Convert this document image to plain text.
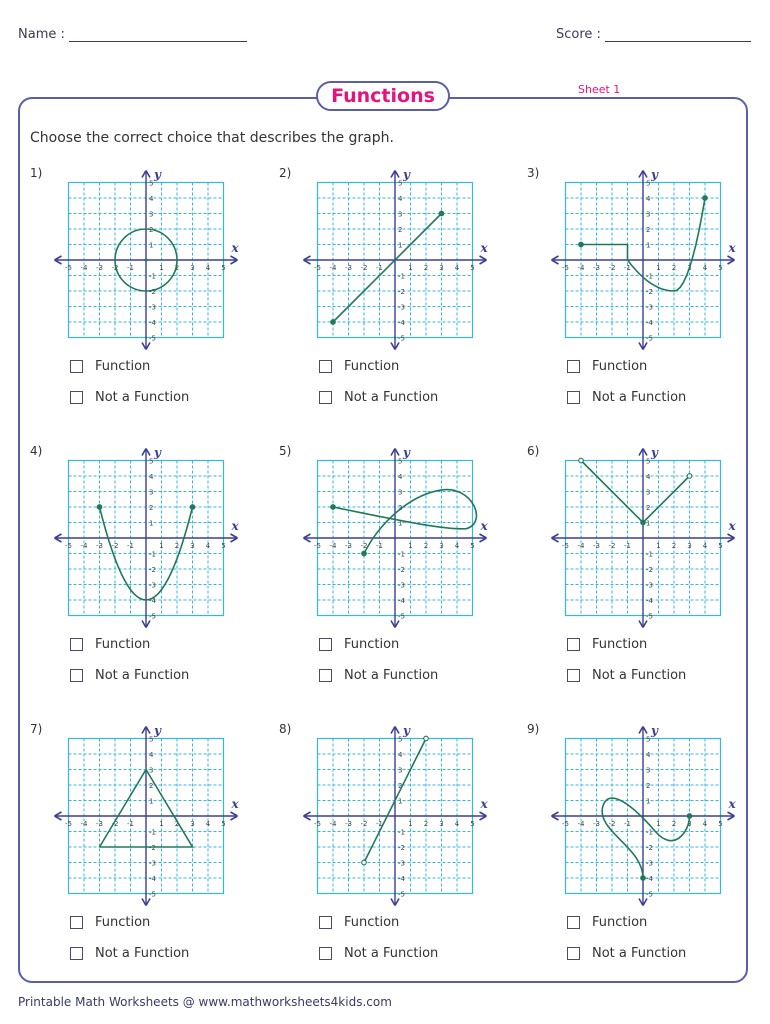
Name :	Score :
Functions	Sheet 1
Choose the correct choice that describes the graph.
1)
x
y
-5
-5
-4
-4
-3
-3
-2
-2
-1
-1
1
1
2
2
3
3
4
4
5
5
Function
Not a Function
2)
x
y
-5
-5
-4
-4
-3
-3
-2
-2
-1
-1
1
1
2
2
3
3
4
4
5
5
Function
Not a Function
3)
x
y
-5
-5
-4
-4
-3
-3
-2
-2
-1
-1
1
1
2
2
3
3
4
4
5
5
Function
Not a Function
4)
x
y
-5
-5
-4
-4
-3
-3
-2
-2
-1
-1
1
1
2
2
3
3
4
4
5
5
Function
Not a Function
5)
x
y
-5
-5
-4
-4
-3
-3
-2
-2
-1
-1
1
1
2
2
3
3
4
4
5
5
Function
Not a Function
6)
x
y
-5
-5
-4
-4
-3
-3
-2
-2
-1
-1
1
1
2
2
3
3
4
4
5
5
Function
Not a Function
7)
x
y
-5
-5
-4
-4
-3
-3
-2
-2
-1
-1
1
1
2
2
3
3
4
4
5
5
Function
Not a Function
8)
x
y
-5
-5
-4
-4
-3
-3
-2
-2
-1
-1
1
1
2
2
3
3
4
4
5
5
Function
Not a Function
9)
x
y
-5
-5
-4
-4
-3
-3
-2
-2
-1
-1
1
1
2
2
3
3
4
4
5
5
Function
Not a Function
Printable Math Worksheets @ www.mathworksheets4kids.com
